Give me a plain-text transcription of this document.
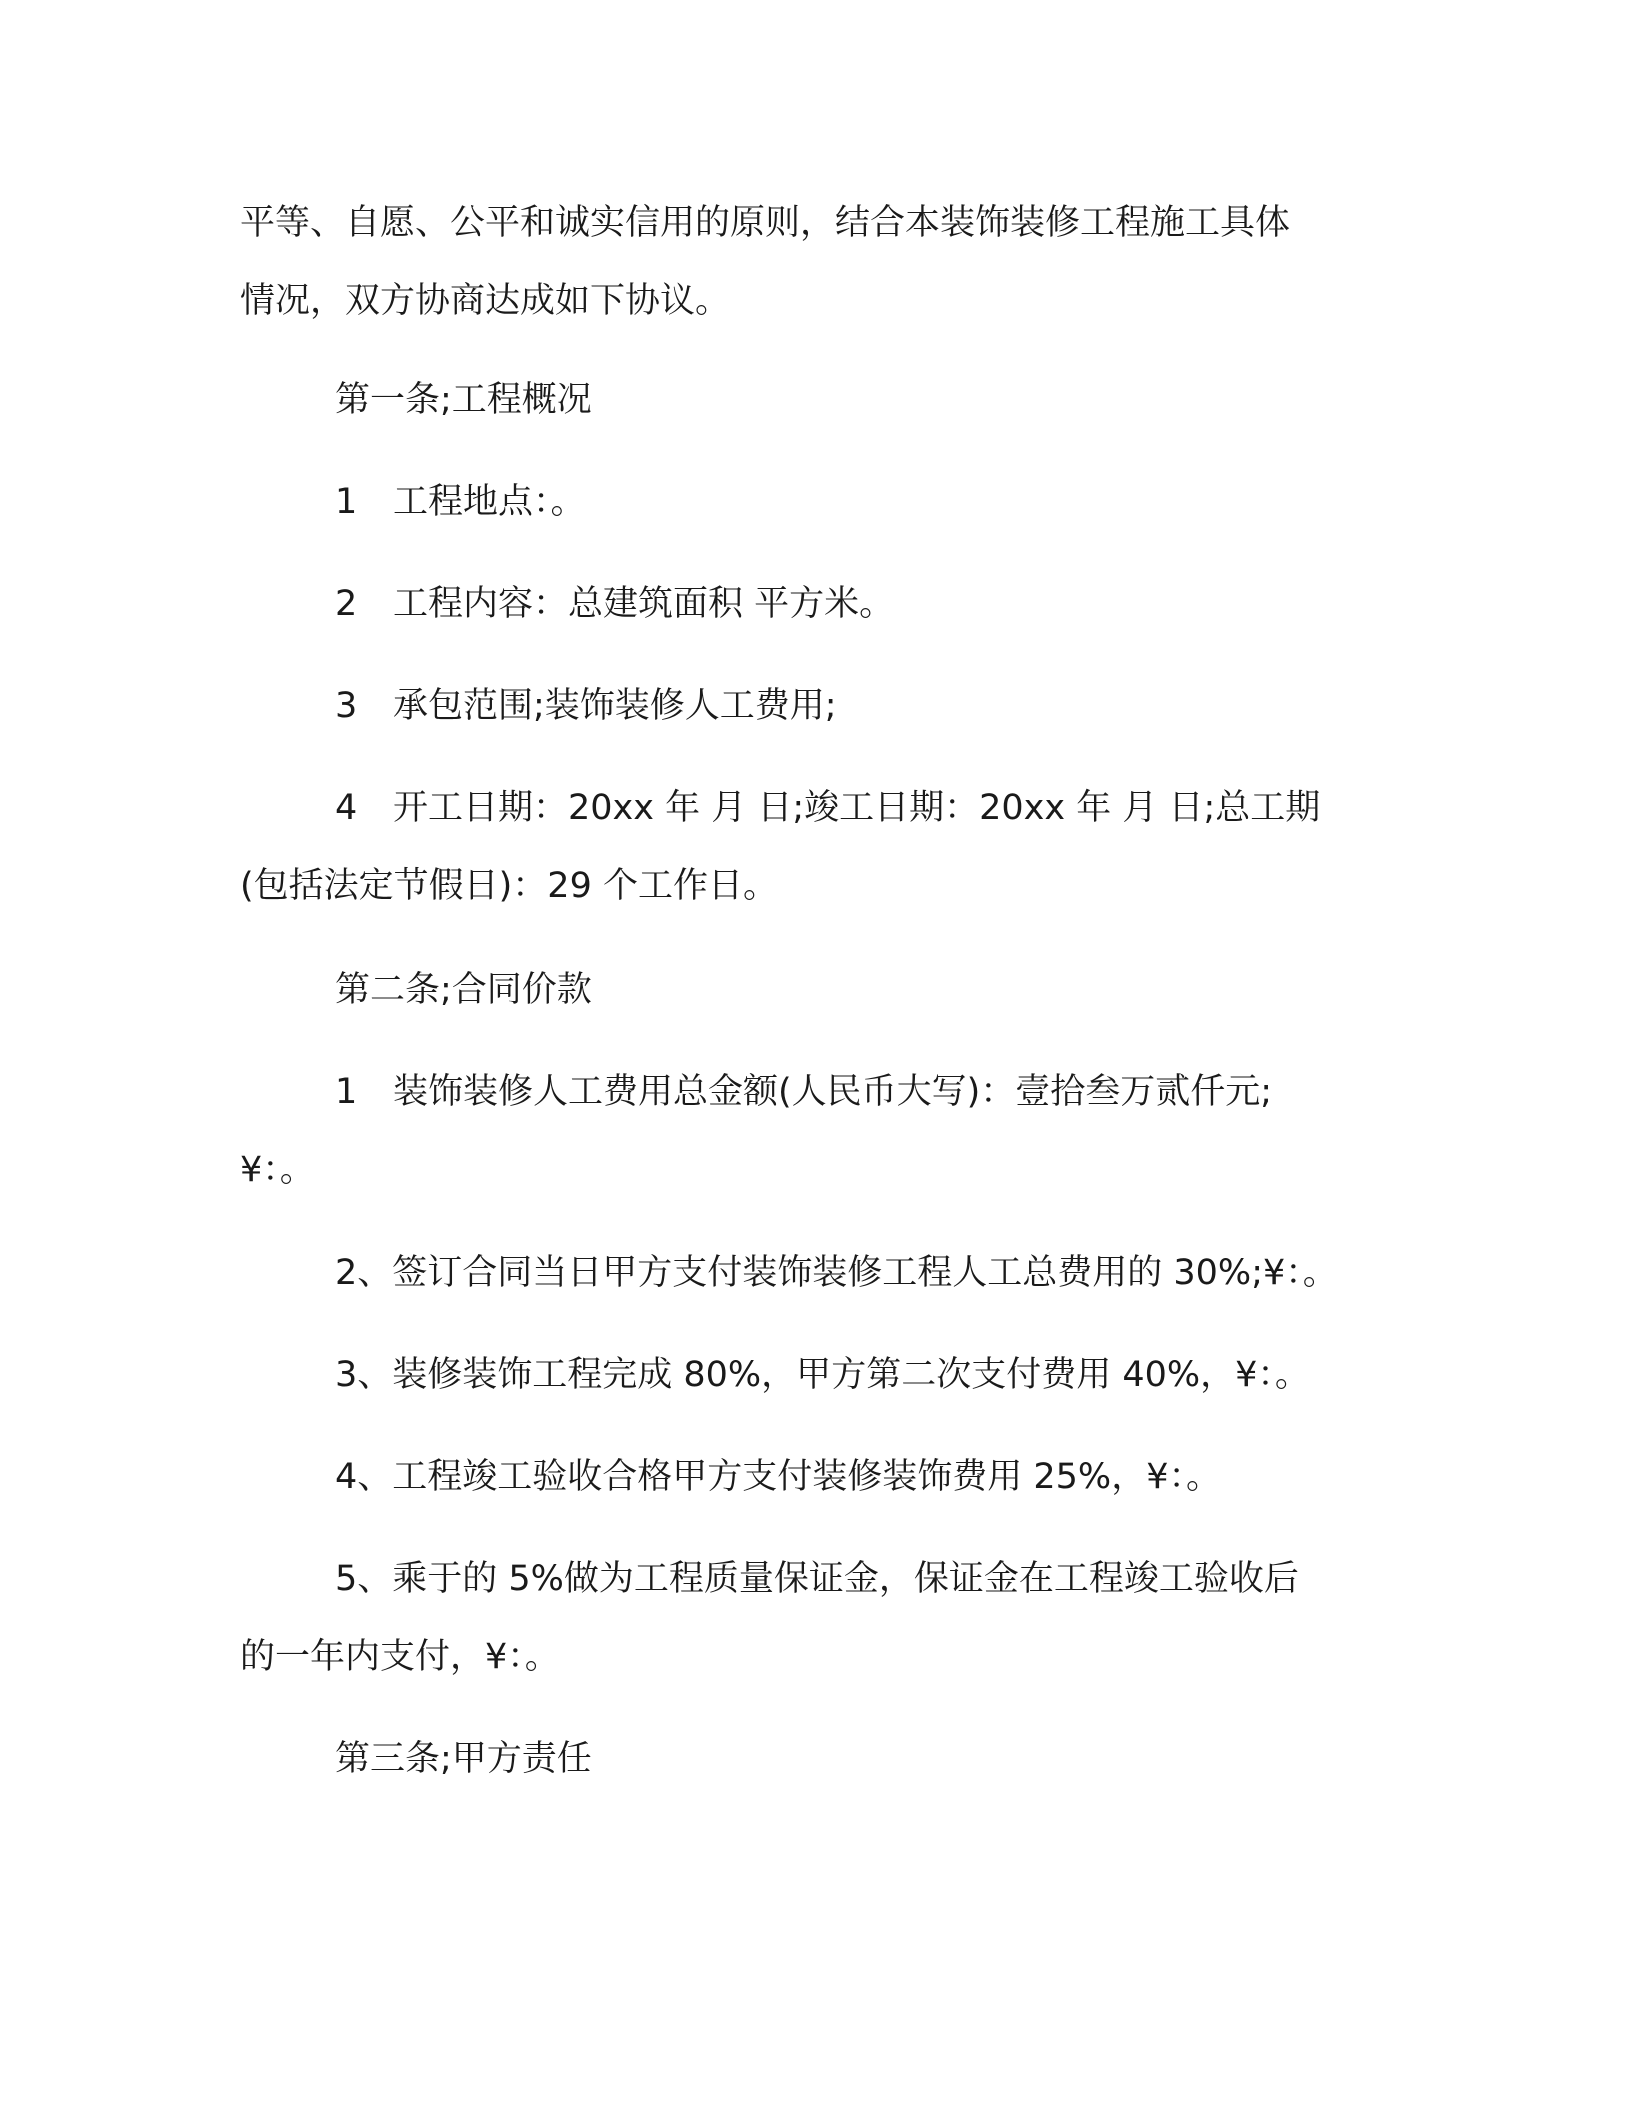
平等、自愿、公平和诚实信用的原则，结合本装饰装修工程施工具体
情况，双方协商达成如下协议。

第一条;工程概况

1 工程地点：。

2 工程内容：总建筑面积 平方米。

3 承包范围;装饰装修人工费用;

4 开工日期：20xx 年 月 日;竣工日期：20xx 年 月 日;总工期
(包括法定节假日)：29 个工作日。

第二条;合同价款

1 装饰装修人工费用总金额(人民币大写)：壹拾叁万贰仟元;
¥：。

2、签订合同当日甲方支付装饰装修工程人工总费用的 30%;¥：。

3、装修装饰工程完成 80%，甲方第二次支付费用 40%，¥：。

4、工程竣工验收合格甲方支付装修装饰费用 25%，¥：。

5、乘于的 5%做为工程质量保证金，保证金在工程竣工验收后
的一年内支付，¥：。

第三条;甲方责任
